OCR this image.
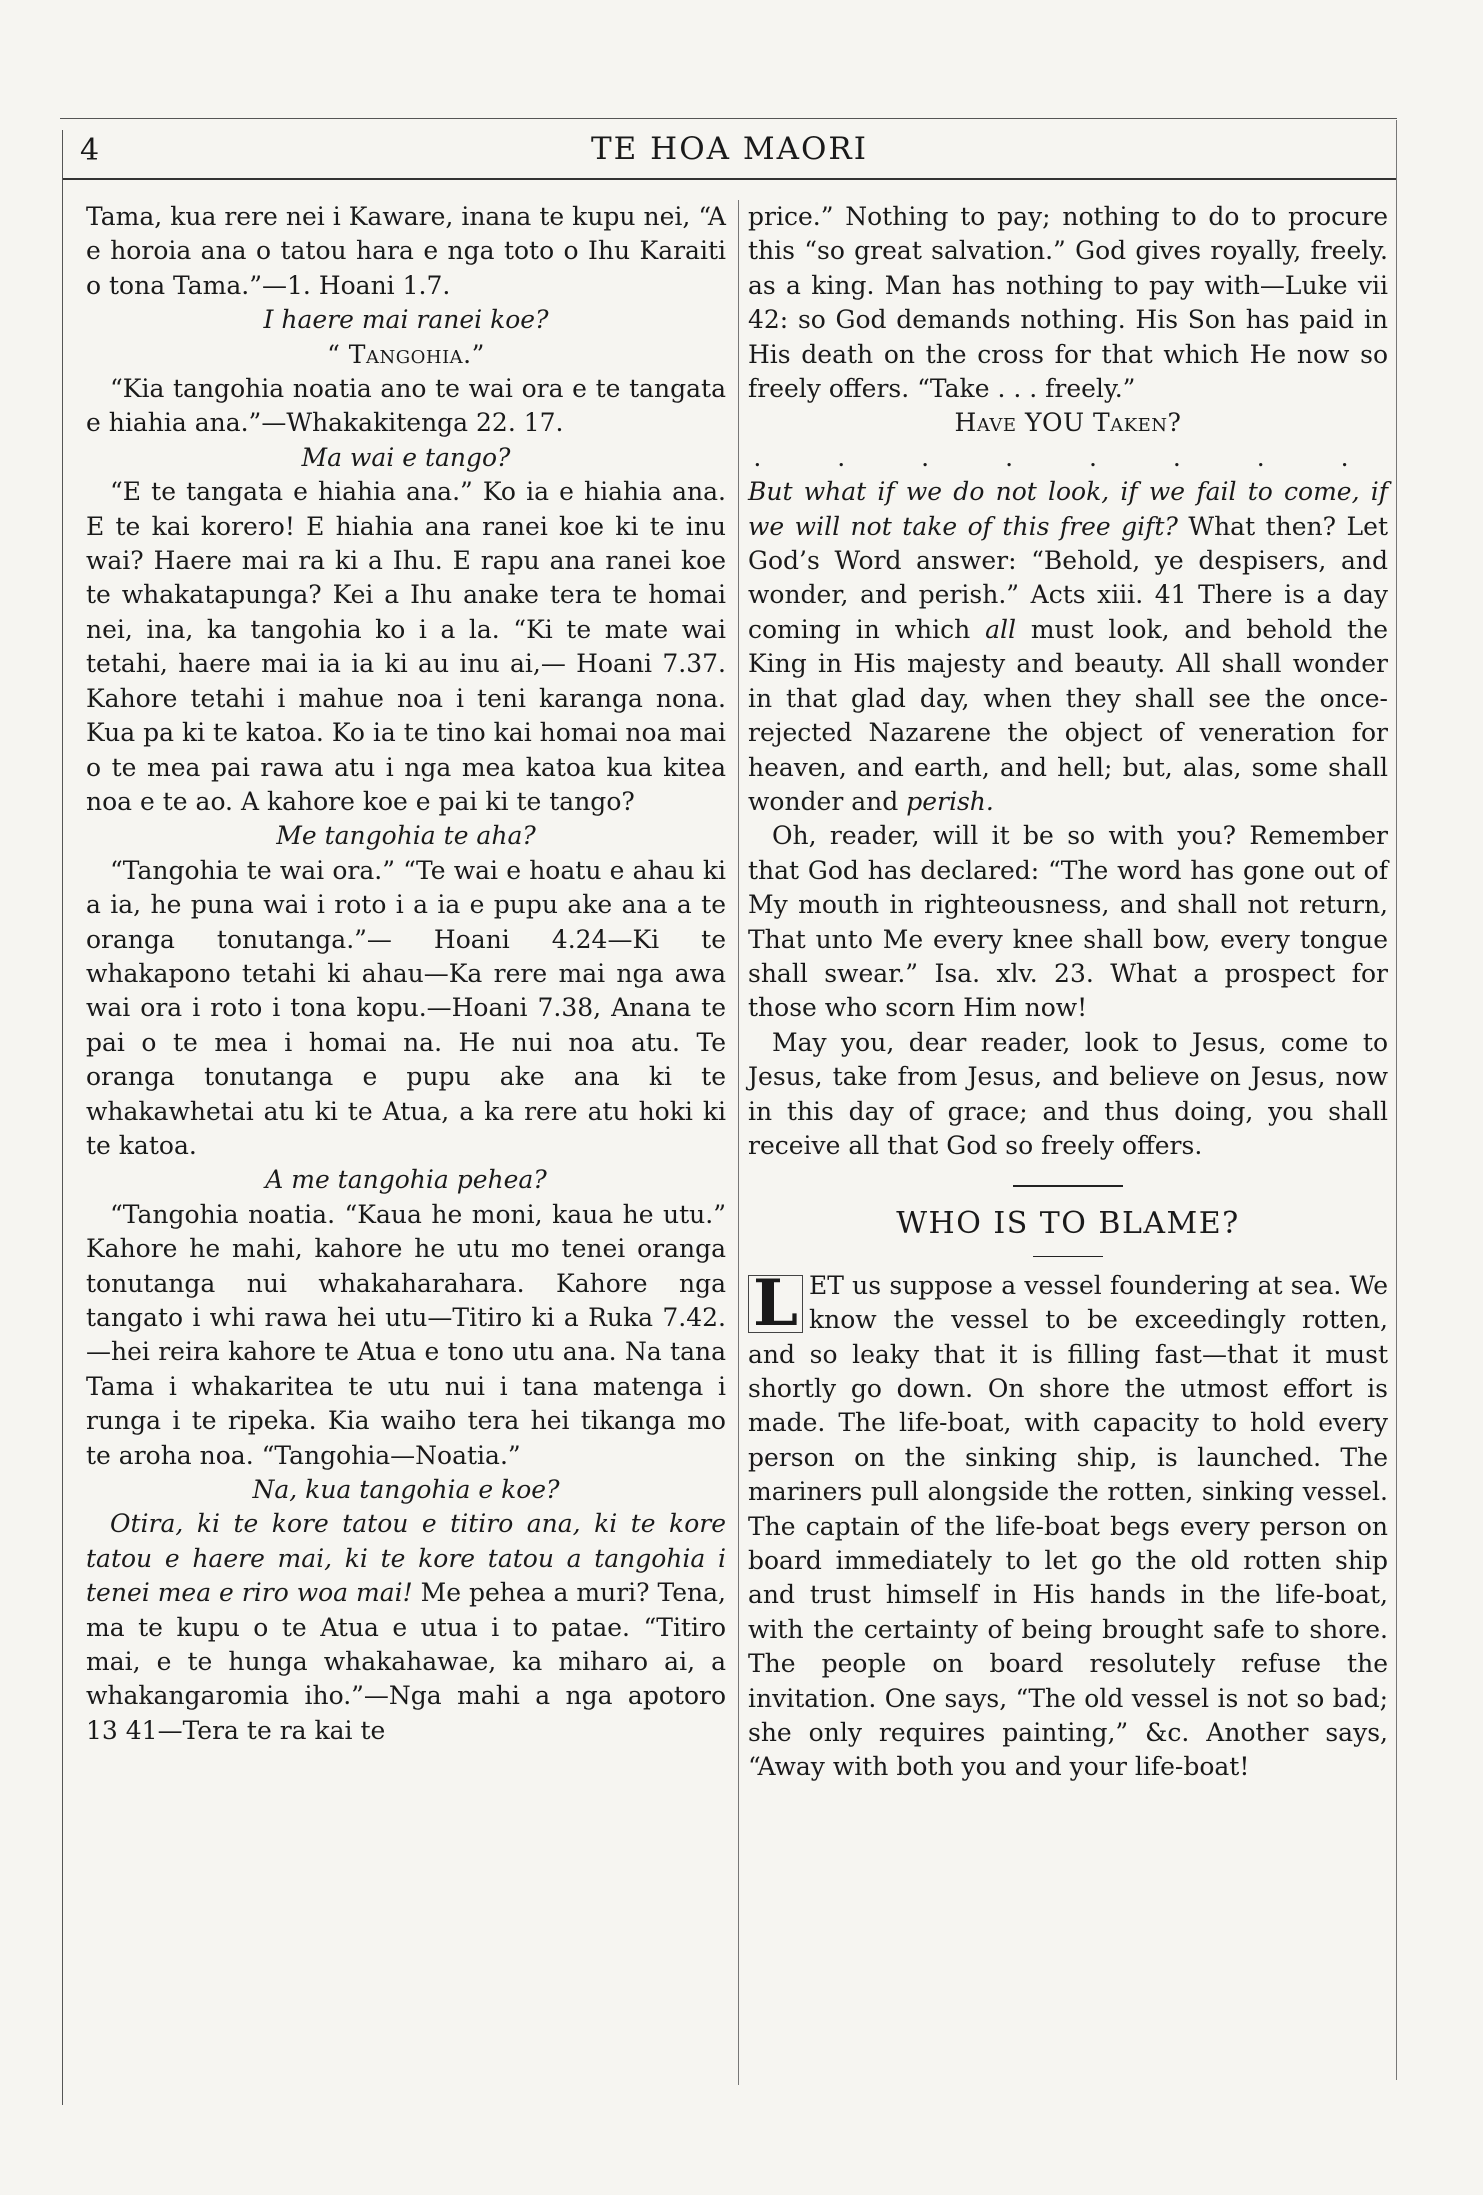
4	TE HOA MAORI

Tama, kua rere nei i Kaware, inana te kupu nei, “A e horoia ana o tatou hara e nga toto o Ihu Karaiti o tona Tama.”—1. Hoani 1.7.

I haere mai ranei koe?

“ Tangohia.”

“Kia tangohia noatia ano te wai ora e te tangata e hiahia ana.”—Whakakitenga 22. 17.

Ma wai e tango?

“E te tangata e hiahia ana.” Ko ia e hiahia ana. E te kai korero! E hiahia ana ranei koe ki te inu wai? Haere mai ra ki a Ihu. E rapu ana ranei koe te whakatapunga? Kei a Ihu anake tera te homai nei, ina, ka tangohia ko i a la. “Ki te mate wai tetahi, haere mai ia ia ki au inu ai,— Hoani 7.37. Kahore tetahi i mahue noa i teni karanga nona. Kua pa ki te katoa. Ko ia te tino kai homai noa mai o te mea pai rawa atu i nga mea katoa kua kitea noa e te ao. A kahore koe e pai ki te tango?

Me tangohia te aha?

“Tangohia te wai ora.” “Te wai e hoatu e ahau ki a ia, he puna wai i roto i a ia e pupu ake ana a te oranga tonutanga.”— Hoani 4.24—Ki te whakapono tetahi ki ahau—Ka rere mai nga awa wai ora i roto i tona kopu.—Hoani 7.38, Anana te pai o te mea i homai na. He nui noa atu. Te oranga tonutanga e pupu ake ana ki te whakawhetai atu ki te Atua, a ka rere atu hoki ki te katoa.

A me tangohia pehea?

“Tangohia noatia. “Kaua he moni, kaua he utu.” Kahore he mahi, kahore he utu mo tenei oranga tonutanga nui whakaharahara. Kahore nga tangato i whi rawa hei utu—Titiro ki a Ruka 7.42.—hei reira kahore te Atua e tono utu ana. Na tana Tama i whakaritea te utu nui i tana matenga i runga i te ripeka. Kia waiho tera hei tikanga mo te aroha noa. “Tangohia—Noatia.”

Na, kua tangohia e koe?

Otira, ki te kore tatou e titiro ana, ki te kore tatou e haere mai, ki te kore tatou a tangohia i tenei mea e riro woa mai! Me pehea a muri? Tena, ma te kupu o te Atua e utua i to patae. “Titiro mai, e te hunga whakahawae, ka miharo ai, a whakangaromia iho.”—Nga mahi a nga apotoro 13 41—Tera te ra kai te

price.” Nothing to pay; nothing to do to procure this “so great salvation.” God gives royally, freely. as a king. Man has nothing to pay with—Luke vii 42: so God demands nothing. His Son has paid in His death on the cross for that which He now so freely offers. “Take . . . freely.”

Have YOU Taken?

. . . . . . . .

But what if we do not look, if we fail to come, if we will not take of this free gift? What then? Let God’s Word answer: “Behold, ye despisers, and wonder, and perish.” Acts xiii. 41 There is a day coming in which all must look, and behold the King in His majesty and beauty. All shall wonder in that glad day, when they shall see the once-rejected Nazarene the object of veneration for heaven, and earth, and hell; but, alas, some shall wonder and perish.

Oh, reader, will it be so with you? Remember that God has declared: “The word has gone out of My mouth in righteousness, and shall not return, That unto Me every knee shall bow, every tongue shall swear.” Isa. xlv. 23. What a prospect for those who scorn Him now!

May you, dear reader, look to Jesus, come to Jesus, take from Jesus, and believe on Jesus, now in this day of grace; and thus doing, you shall receive all that God so freely offers.

WHO IS TO BLAME?

L ET us suppose a vessel foundering at sea. We know the vessel to be exceedingly rotten, and so leaky that it is filling fast—that it must shortly go down. On shore the utmost effort is made. The life-boat, with capacity to hold every person on the sinking ship, is launched. The mariners pull alongside the rotten, sinking vessel. The captain of the life-boat begs every person on board immediately to let go the old rotten ship and trust himself in His hands in the life-boat, with the certainty of being brought safe to shore. The people on board resolutely refuse the invitation. One says, “The old vessel is not so bad; she only requires painting,” &c. Another says, “Away with both you and your life-boat!
